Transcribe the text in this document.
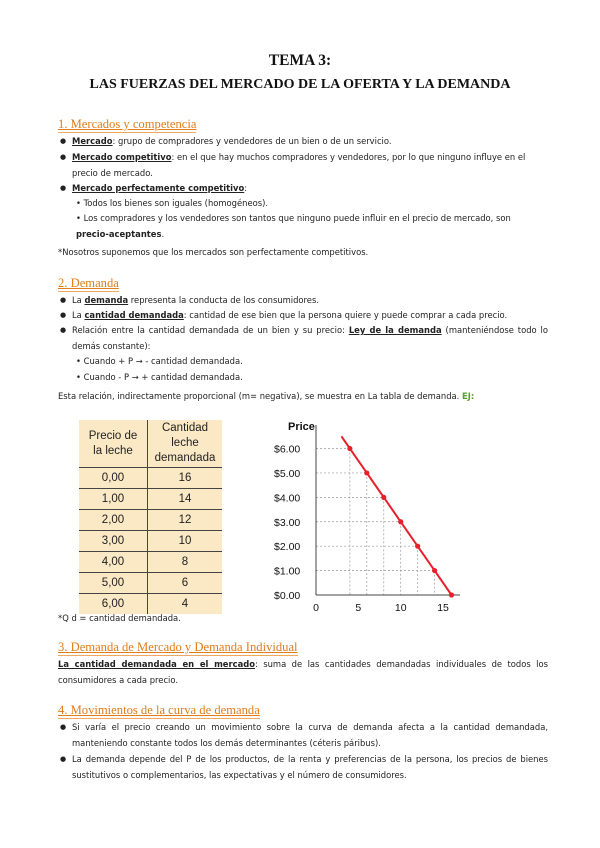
TEMA 3:
LAS FUERZAS DEL MERCADO DE LA OFERTA Y LA DEMANDA
1. Mercados y competencia
● Mercado: grupo de compradores y vendedores de un bien o de un servicio.
● Mercado competitivo: en el que hay muchos compradores y vendedores, por lo que ninguno influye en el precio de mercado.
● Mercado perfectamente competitivo:
• Todos los bienes son iguales (homogéneos).
• Los compradores y los vendedores son tantos que ninguno puede influir en el precio de mercado, son
precio-aceptantes.
*Nosotros suponemos que los mercados son perfectamente competitivos.
2. Demanda
● La demanda representa la conducta de los consumidores.
● La cantidad demandada: cantidad de ese bien que la persona quiere y puede comprar a cada precio.
● Relación entre la cantidad demandada de un bien y su precio: Ley de la demanda (manteniéndose todo lo demás constante):
• Cuando + P → - cantidad demandada.
• Cuando - P → + cantidad demandada.
Esta relación, indirectamente proporcional (m= negativa), se muestra en La tabla de demanda. EJ:
Precio de
la leche	Cantidad
leche
demandada
0,00	16
1,00	14
2,00	12
3,00	10
4,00	8
5,00	6
6,00	4
Price
$0.00
$1.00
$2.00
$3.00
$4.00
$5.00
$6.00
0	5	10	15
*Q d = cantidad demandada.
3. Demanda de Mercado y Demanda Individual
La cantidad demandada en el mercado: suma de las cantidades demandadas individuales de todos los consumidores a cada precio.
4. Movimientos de la curva de demanda
● Si varía el precio creando un movimiento sobre la curva de demanda afecta a la cantidad demandada, manteniendo constante todos los demás determinantes (céteris páribus).
● La demanda depende del P de los productos, de la renta y preferencias de la persona, los precios de bienes sustitutivos o complementarios, las expectativas y el número de consumidores.
